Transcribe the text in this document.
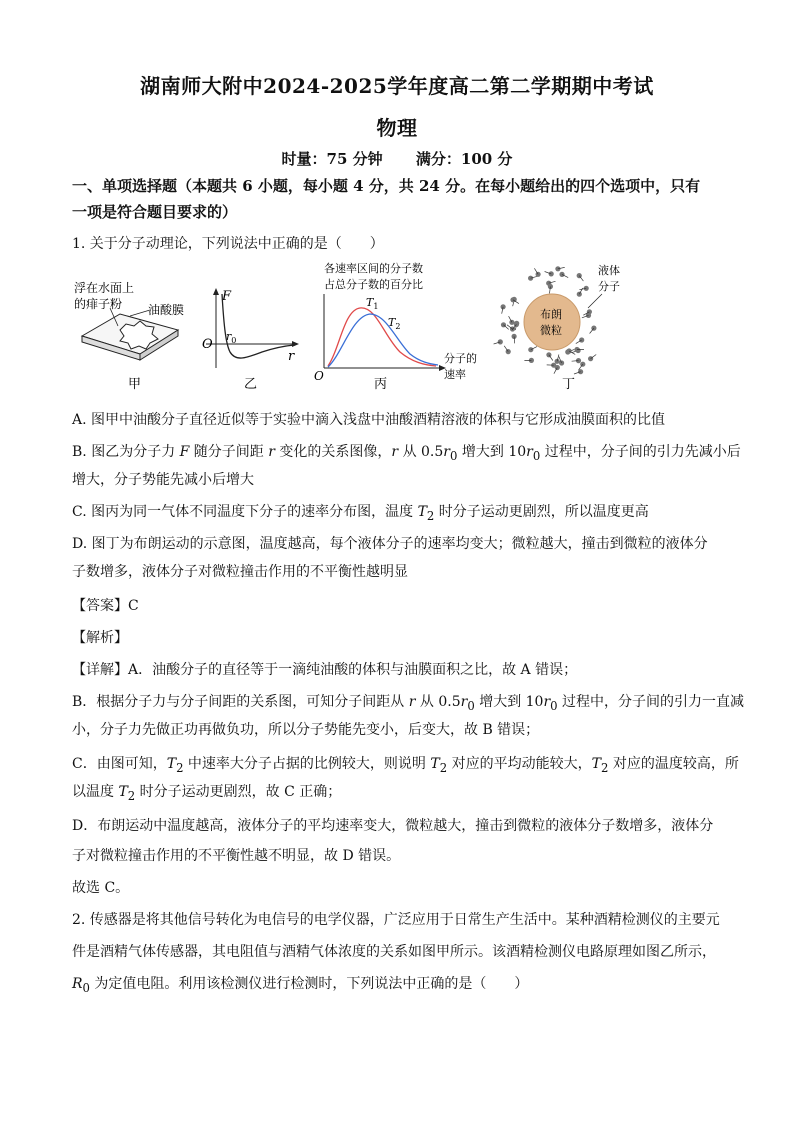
湖南师大附中2024-2025学年度高二第二学期期中考试
物理
时量：75 分钟 满分：100 分
一、单项选择题（本题共 6 小题，每小题 4 分，共 24 分。在每小题给出的四个选项中，只有
一项是符合题目要求的）
1. 关于分子动理论，下列说法中正确的是（　　）
浮在水面上
的痱子粉 油酸膜
甲
F
r
O
$r_0$
乙
各速率区间的分子数
占总分子数的百分比
O
$T_1$
$T_2$
分子的
速率
丙
布朗
微粒
液体
分子
丁
A. 图甲中油酸分子直径近似等于实验中滴入浅盘中油酸酒精溶液的体积与它形成油膜面积的比值
B. 图乙为分子力 F 随分子间距 r 变化的关系图像，r 从 $0.5r_0$ 增大到 $10r_0$ 过程中，分子间的引力先减小后
增大，分子势能先减小后增大
C. 图丙为同一气体不同温度下分子的速率分布图，温度 $T_2$ 时分子运动更剧烈，所以温度更高
D. 图丁为布朗运动的示意图，温度越高，每个液体分子的速率均变大；微粒越大，撞击到微粒的液体分
子数增多，液体分子对微粒撞击作用的不平衡性越明显
【答案】C
【解析】
【详解】A．油酸分子的直径等于一滴纯油酸的体积与油膜面积之比，故 A 错误；
B．根据分子力与分子间距的关系图，可知分子间距从 r 从 $0.5r_0$ 增大到 $10r_0$ 过程中，分子间的引力一直减
小，分子力先做正功再做负功，所以分子势能先变小，后变大，故 B 错误；
C．由图可知，$T_2$ 中速率大分子占据的比例较大，则说明 $T_2$ 对应的平均动能较大，$T_2$ 对应的温度较高，所
以温度 $T_2$ 时分子运动更剧烈，故 C 正确；
D．布朗运动中温度越高，液体分子的平均速率变大，微粒越大，撞击到微粒的液体分子数增多，液体分
子对微粒撞击作用的不平衡性越不明显，故 D 错误。
故选 C。
2. 传感器是将其他信号转化为电信号的电学仪器，广泛应用于日常生产生活中。某种酒精检测仪的主要元
件是酒精气体传感器，其电阻值与酒精气体浓度的关系如图甲所示。该酒精检测仪电路原理如图乙所示，
$R_0$ 为定值电阻。利用该检测仪进行检测时，下列说法中正确的是（　　）
